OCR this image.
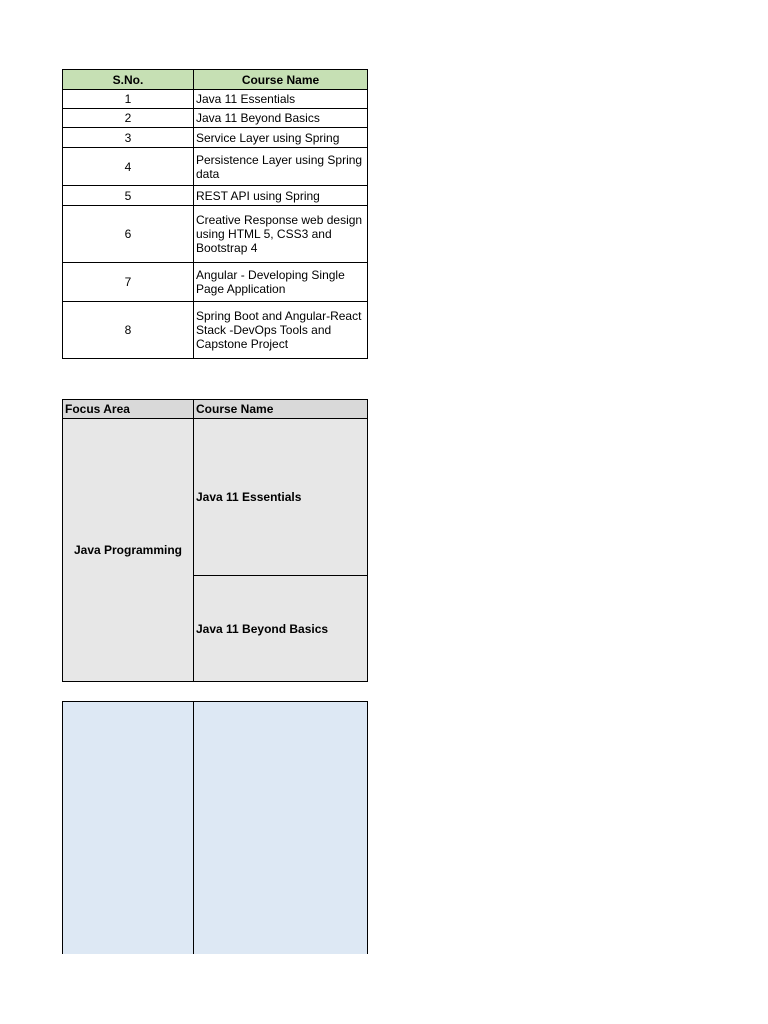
S.No.	Course Name
1	Java 11 Essentials
2	Java 11 Beyond Basics
3	Service Layer using Spring
4	Persistence Layer using Spring data
5	REST API using Spring
6	Creative Response web design using HTML 5, CSS3 and Bootstrap 4
7	Angular - Developing Single Page Application
8	Spring Boot and Angular-React Stack -DevOps Tools and Capstone Project
Focus Area	Course Name
Java Programming	Java 11 Essentials
	Java 11 Beyond Basics
